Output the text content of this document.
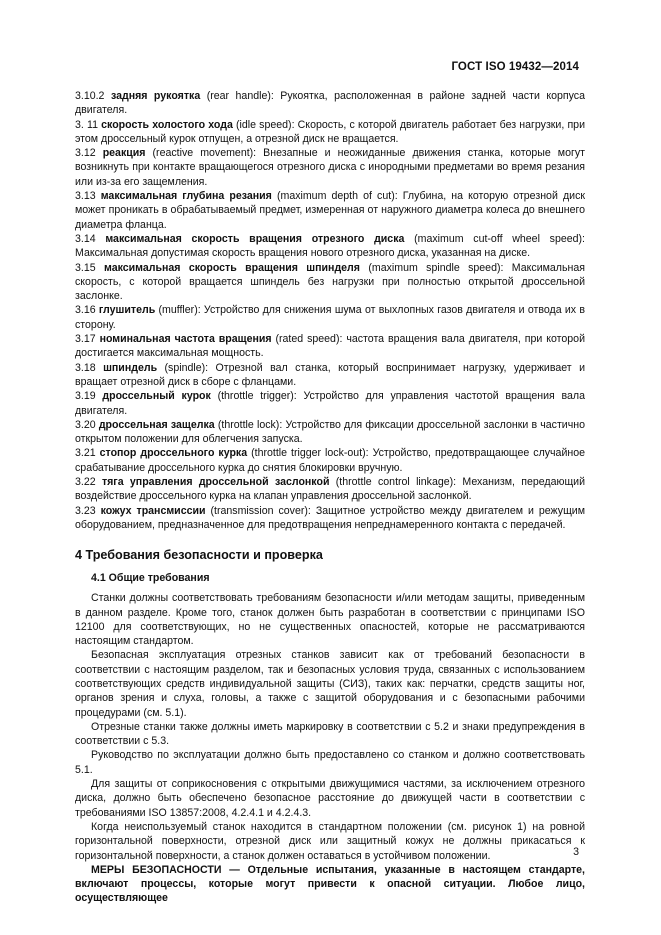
ГОСТ ISO 19432—2014

3.10.2 задняя рукоятка (rear handle): Рукоятка, расположенная в районе задней части корпуса двигателя.

3. 11 скорость холостого хода (idle speed): Скорость, с которой двигатель работает без нагрузки, при этом дроссельный курок отпущен, а отрезной диск не вращается.

3.12 реакция (reactive movement): Внезапные и неожиданные движения станка, которые могут возникнуть при контакте вращающегося отрезного диска с инородными предметами во время резания или из-за его защемления.

3.13 максимальная глубина резания (maximum depth of cut): Глубина, на которую отрезной диск может проникать в обрабатываемый предмет, измеренная от наружного диаметра колеса до внешнего диаметра фланца.

3.14 максимальная скорость вращения отрезного диска (maximum cut-off wheel speed): Максимальная допустимая скорость вращения нового отрезного диска, указанная на диске.

3.15 максимальная скорость вращения шпинделя (maximum spindle speed): Максимальная скорость, с которой вращается шпиндель без нагрузки при полностью открытой дроссельной заслонке.

3.16 глушитель (muffler): Устройство для снижения шума от выхлопных газов двигателя и отвода их в сторону.

3.17 номинальная частота вращения (rated speed): частота вращения вала двигателя, при которой достигается максимальная мощность.

3.18 шпиндель (spindle): Отрезной вал станка, который воспринимает нагрузку, удерживает и вращает отрезной диск в сборе с фланцами.

3.19 дроссельный курок (throttle trigger): Устройство для управления частотой вращения вала двигателя.

3.20 дроссельная защелка (throttle lock): Устройство для фиксации дроссельной заслонки в частично открытом положении для облегчения запуска.

3.21 стопор дроссельного курка (throttle trigger lock-out): Устройство, предотвращающее случайное срабатывание дроссельного курка до снятия блокировки вручную.

3.22 тяга управления дроссельной заслонкой (throttle control linkage): Механизм, передающий воздействие дроссельного курка на клапан управления дроссельной заслонкой.

3.23 кожух трансмиссии (transmission cover): Защитное устройство между двигателем и режущим оборудованием, предназначенное для предотвращения непреднамеренного контакта с передачей.

4 Требования безопасности и проверка
4.1 Общие требования

Станки должны соответствовать требованиям безопасности и/или методам защиты, приведенным в данном разделе. Кроме того, станок должен быть разработан в соответствии с принципами ISO 12100 для соответствующих, но не существенных опасностей, которые не рассматриваются настоящим стандартом.

Безопасная эксплуатация отрезных станков зависит как от требований безопасности в соответствии с настоящим разделом, так и безопасных условия труда, связанных с использованием соответствующих средств индивидуальной защиты (СИЗ), таких как: перчатки, средств защиты ног, органов зрения и слуха, головы, а также с защитой оборудования и с безопасными рабочими процедурами (см. 5.1).

Отрезные станки также должны иметь маркировку в соответствии с 5.2 и знаки предупреждения в соответствии с 5.3.

Руководство по эксплуатации должно быть предоставлено со станком и должно соответствовать 5.1.

Для защиты от соприкосновения с открытыми движущимися частями, за исключением отрезного диска, должно быть обеспечено безопасное расстояние до движущей части в соответствии с требованиями ISO 13857:2008, 4.2.4.1 и 4.2.4.3.

Когда неиспользуемый станок находится в стандартном положении (см. рисунок 1) на ровной горизонтальной поверхности, отрезной диск или защитный кожух не должны прикасаться к горизонтальной поверхности, а станок должен оставаться в устойчивом положении.

МЕРЫ БЕЗОПАСНОСТИ — Отдельные испытания, указанные в настоящем стандарте, включают процессы, которые могут привести к опасной ситуации. Любое лицо, осуществляющее

3
